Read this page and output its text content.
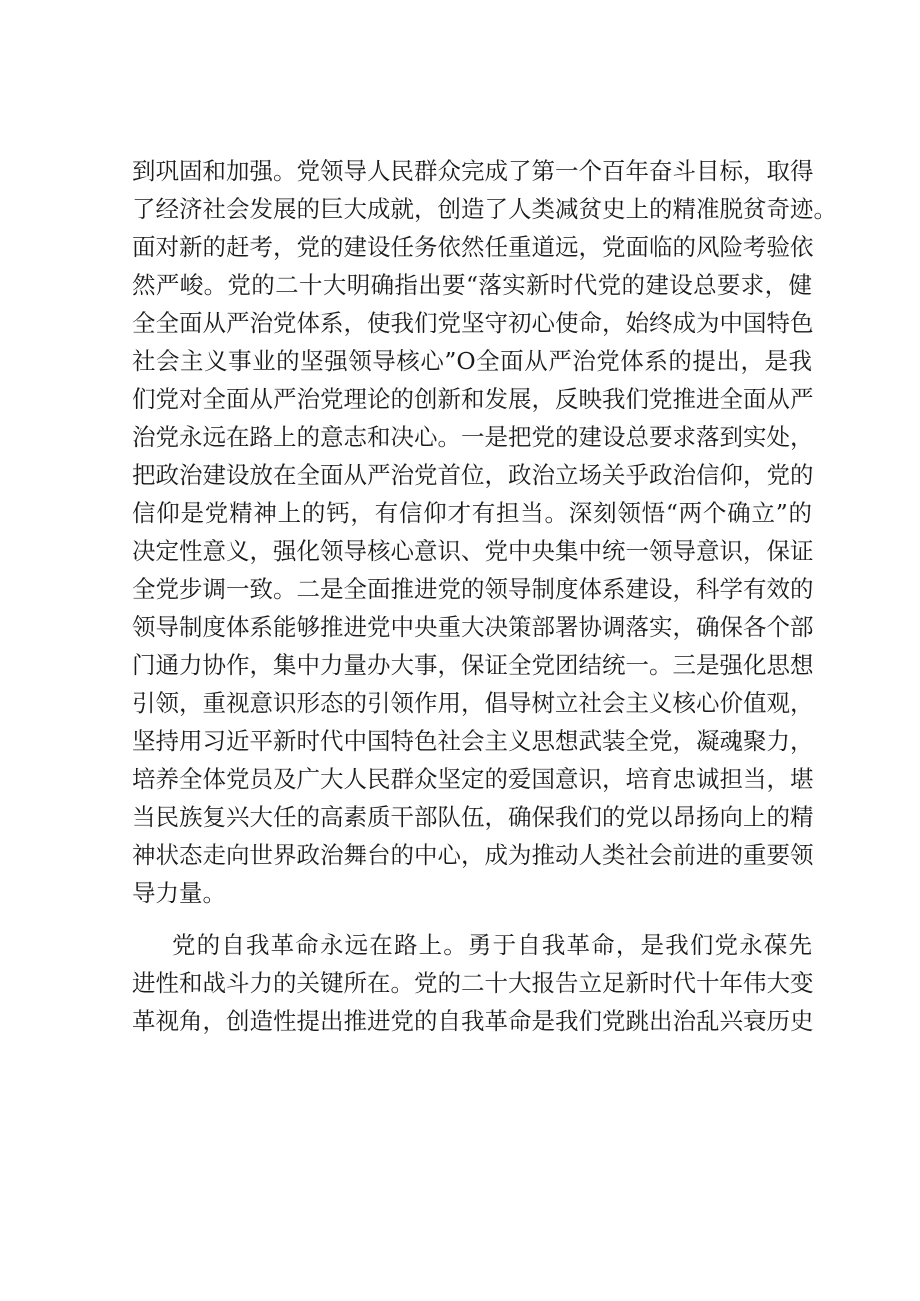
到巩固和加强。党领导人民群众完成了第一个百年奋斗目标，取得
了经济社会发展的巨大成就，创造了人类减贫史上的精准脱贫奇迹。
面对新的赶考，党的建设任务依然任重道远，党面临的风险考验依
然严峻。党的二十大明确指出要“落实新时代党的建设总要求，健
全全面从严治党体系，使我们党坚守初心使命，始终成为中国特色
社会主义事业的坚强领导核心”O全面从严治党体系的提出，是我
们党对全面从严治党理论的创新和发展，反映我们党推进全面从严
治党永远在路上的意志和决心。一是把党的建设总要求落到实处，
把政治建设放在全面从严治党首位，政治立场关乎政治信仰，党的
信仰是党精神上的钙，有信仰才有担当。深刻领悟“两个确立”的
决定性意义，强化领导核心意识、党中央集中统一领导意识，保证
全党步调一致。二是全面推进党的领导制度体系建设，科学有效的
领导制度体系能够推进党中央重大决策部署协调落实，确保各个部
门通力协作，集中力量办大事，保证全党团结统一。三是强化思想
引领，重视意识形态的引领作用，倡导树立社会主义核心价值观，
坚持用习近平新时代中国特色社会主义思想武装全党，凝魂聚力，
培养全体党员及广大人民群众坚定的爱国意识，培育忠诚担当，堪
当民族复兴大任的高素质干部队伍，确保我们的党以昂扬向上的精
神状态走向世界政治舞台的中心，成为推动人类社会前进的重要领
导力量。
党的自我革命永远在路上。勇于自我革命，是我们党永葆先
进性和战斗力的关键所在。党的二十大报告立足新时代十年伟大变
革视角，创造性提出推进党的自我革命是我们党跳出治乱兴衰历史
